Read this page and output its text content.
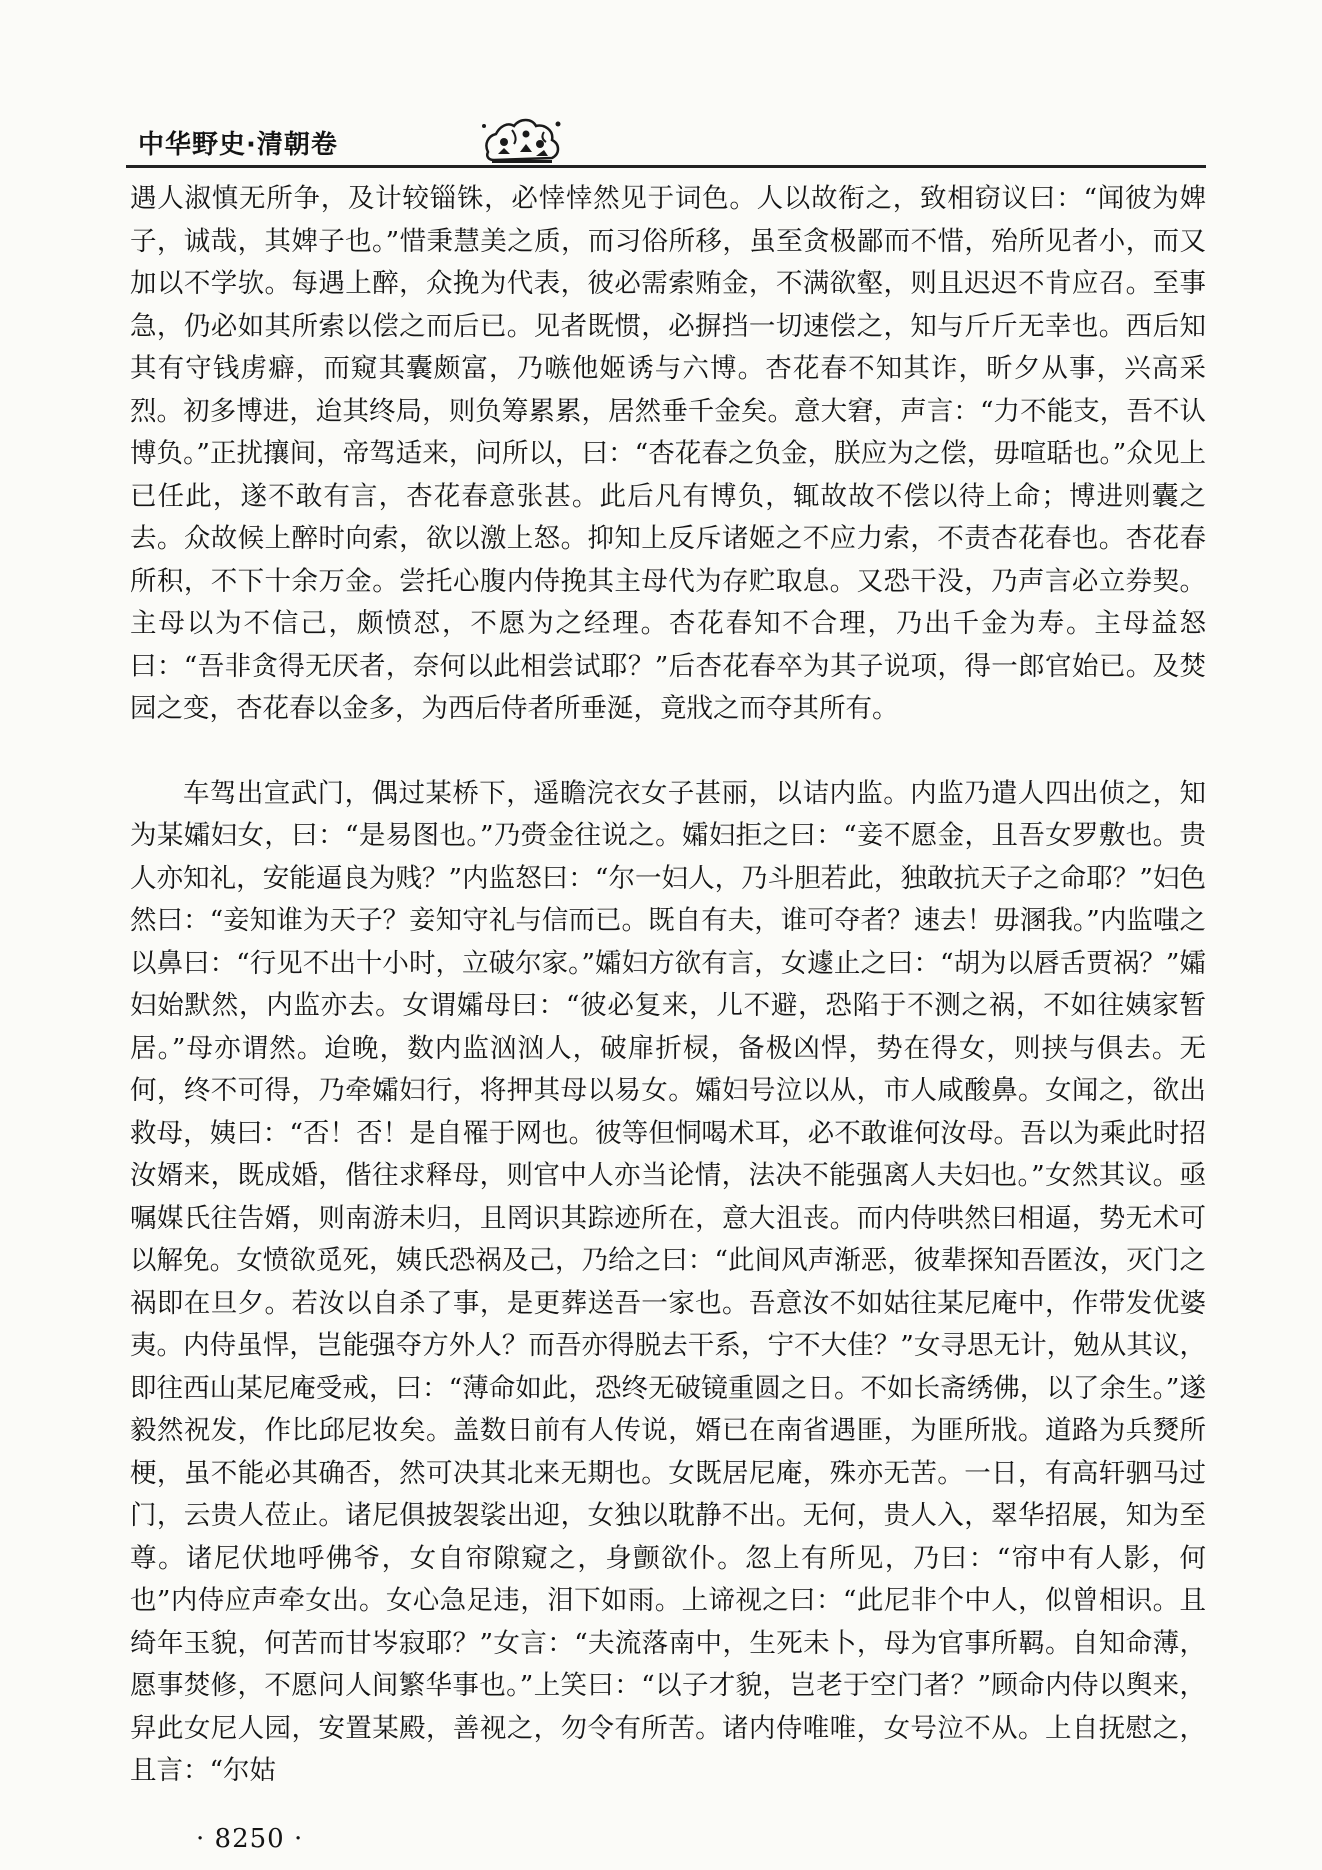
中华野史·清朝卷

遇人淑慎无所争，及计较锱铢，必悻悻然见于词色。人以故衔之，致相窃议曰：“闻彼为婢子，诚哉，其婢子也。”惜秉慧美之质，而习俗所移，虽至贪极鄙而不惜，殆所见者小，而又加以不学欤。每遇上醉，众挽为代表，彼必需索贿金，不满欲壑，则且迟迟不肯应召。至事急，仍必如其所索以偿之而后已。见者既惯，必摒挡一切速偿之，知与斤斤无幸也。西后知其有守钱虏癖，而窥其囊颇富，乃嗾他姬诱与六博。杏花春不知其诈，昕夕从事，兴高采烈。初多博进，迨其终局，则负筹累累，居然垂千金矣。意大窘，声言：“力不能支，吾不认博负。”正扰攘间，帝驾适来，问所以，曰：“杏花春之负金，朕应为之偿，毋喧聒也。”众见上已任此，遂不敢有言，杏花春意张甚。此后凡有博负，辄故故不偿以待上命；博进则囊之去。众故候上醉时向索，欲以激上怒。抑知上反斥诸姬之不应力索，不责杏花春也。杏花春所积，不下十余万金。尝托心腹内侍挽其主母代为存贮取息。又恐干没，乃声言必立券契。主母以为不信己，颇愤怼，不愿为之经理。杏花春知不合理，乃出千金为寿。主母益怒曰：“吾非贪得无厌者，奈何以此相尝试耶？”后杏花春卒为其子说项，得一郎官始已。及焚园之变，杏花春以金多，为西后侍者所垂涎，竟戕之而夺其所有。

车驾出宣武门，偶过某桥下，遥瞻浣衣女子甚丽，以诘内监。内监乃遣人四出侦之，知为某孀妇女，曰：“是易图也。”乃赍金往说之。孀妇拒之曰：“妾不愿金，且吾女罗敷也。贵人亦知礼，安能逼良为贱？”内监怒曰：“尔一妇人，乃斗胆若此，独敢抗天子之命耶？”妇色然曰：“妾知谁为天子？妾知守礼与信而已。既自有夫，谁可夺者？速去！毋溷我。”内监嗤之以鼻曰：“行见不出十小时，立破尔家。”孀妇方欲有言，女遽止之曰：“胡为以唇舌贾祸？”孀妇始默然，内监亦去。女谓孀母曰：“彼必复来，儿不避，恐陷于不测之祸，不如往姨家暂居。”母亦谓然。迨晚，数内监汹汹人，破扉折棂，备极凶悍，势在得女，则挟与俱去。无何，终不可得，乃牵孀妇行，将押其母以易女。孀妇号泣以从，市人咸酸鼻。女闻之，欲出救母，姨曰：“否！否！是自罹于网也。彼等但恫喝术耳，必不敢谁何汝母。吾以为乘此时招汝婿来，既成婚，偕往求释母，则官中人亦当论情，法决不能强离人夫妇也。”女然其议。亟嘱媒氏往告婿，则南游未归，且罔识其踪迹所在，意大沮丧。而内侍哄然曰相逼，势无术可以解免。女愤欲觅死，姨氏恐祸及己，乃给之曰：“此间风声渐恶，彼辈探知吾匿汝，灭门之祸即在旦夕。若汝以自杀了事，是更葬送吾一家也。吾意汝不如姑往某尼庵中，作带发优婆夷。内侍虽悍，岂能强夺方外人？而吾亦得脱去干系，宁不大佳？”女寻思无计，勉从其议，即往西山某尼庵受戒，曰：“薄命如此，恐终无破镜重圆之日。不如长斋绣佛，以了余生。”遂毅然祝发，作比邱尼妆矣。盖数日前有人传说，婿已在南省遇匪，为匪所戕。道路为兵燹所梗，虽不能必其确否，然可决其北来无期也。女既居尼庵，殊亦无苦。一日，有高轩驷马过门，云贵人莅止。诸尼俱披袈裟出迎，女独以耽静不出。无何，贵人入，翠华招展，知为至尊。诸尼伏地呼佛爷，女自帘隙窥之，身颤欲仆。忽上有所见，乃曰：“帘中有人影，何也”内侍应声牵女出。女心急足违，泪下如雨。上谛视之曰：“此尼非个中人，似曾相识。且绮年玉貌，何苦而甘岑寂耶？”女言：“夫流落南中，生死未卜，母为官事所羁。自知命薄，愿事焚修，不愿问人间繁华事也。”上笑曰：“以子才貌，岂老于空门者？”顾命内侍以舆来，舁此女尼人园，安置某殿，善视之，勿令有所苦。诸内侍唯唯，女号泣不从。上自抚慰之，且言：“尔姑

· 8250 ·
